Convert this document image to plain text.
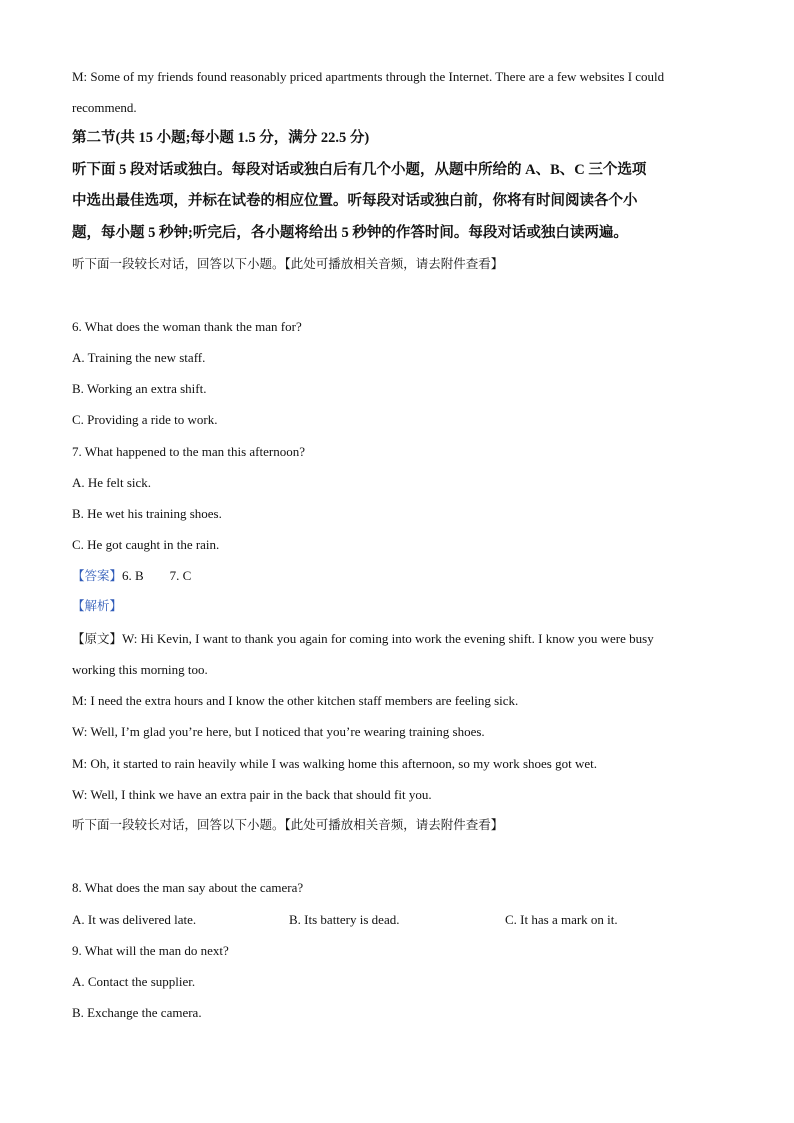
M: Some of my friends found reasonably priced apartments through the Internet. There are a few websites I could
recommend.
第二节(共 15 小题;每小题 1.5 分，满分 22.5 分)
听下面 5 段对话或独白。每段对话或独白后有几个小题，从题中所给的 A、B、C 三个选项
中选出最佳选项，并标在试卷的相应位置。听每段对话或独白前，你将有时间阅读各个小
题，每小题 5 秒钟;听完后，各小题将给出 5 秒钟的作答时间。每段对话或独白读两遍。
听下面一段较长对话，回答以下小题。【此处可播放相关音频，请去附件查看】
6. What does the woman thank the man for?
A. Training the new staff.
B. Working an extra shift.
C. Providing a ride to work.
7. What happened to the man this afternoon?
A. He felt sick.
B. He wet his training shoes.
C. He got caught in the rain.
【答案】6. B        7. C
【解析】
【原文】W: Hi Kevin, I want to thank you again for coming into work the evening shift. I know you were busy
working this morning too.
M: I need the extra hours and I know the other kitchen staff members are feeling sick.
W: Well, I’m glad you’re here, but I noticed that you’re wearing training shoes.
M: Oh, it started to rain heavily while I was walking home this afternoon, so my work shoes got wet.
W: Well, I think we have an extra pair in the back that should fit you.
听下面一段较长对话，回答以下小题。【此处可播放相关音频，请去附件查看】
8. What does the man say about the camera?
A. It was delivered late.	B. Its battery is dead.	C. It has a mark on it.
9. What will the man do next?
A. Contact the supplier.
B. Exchange the camera.
